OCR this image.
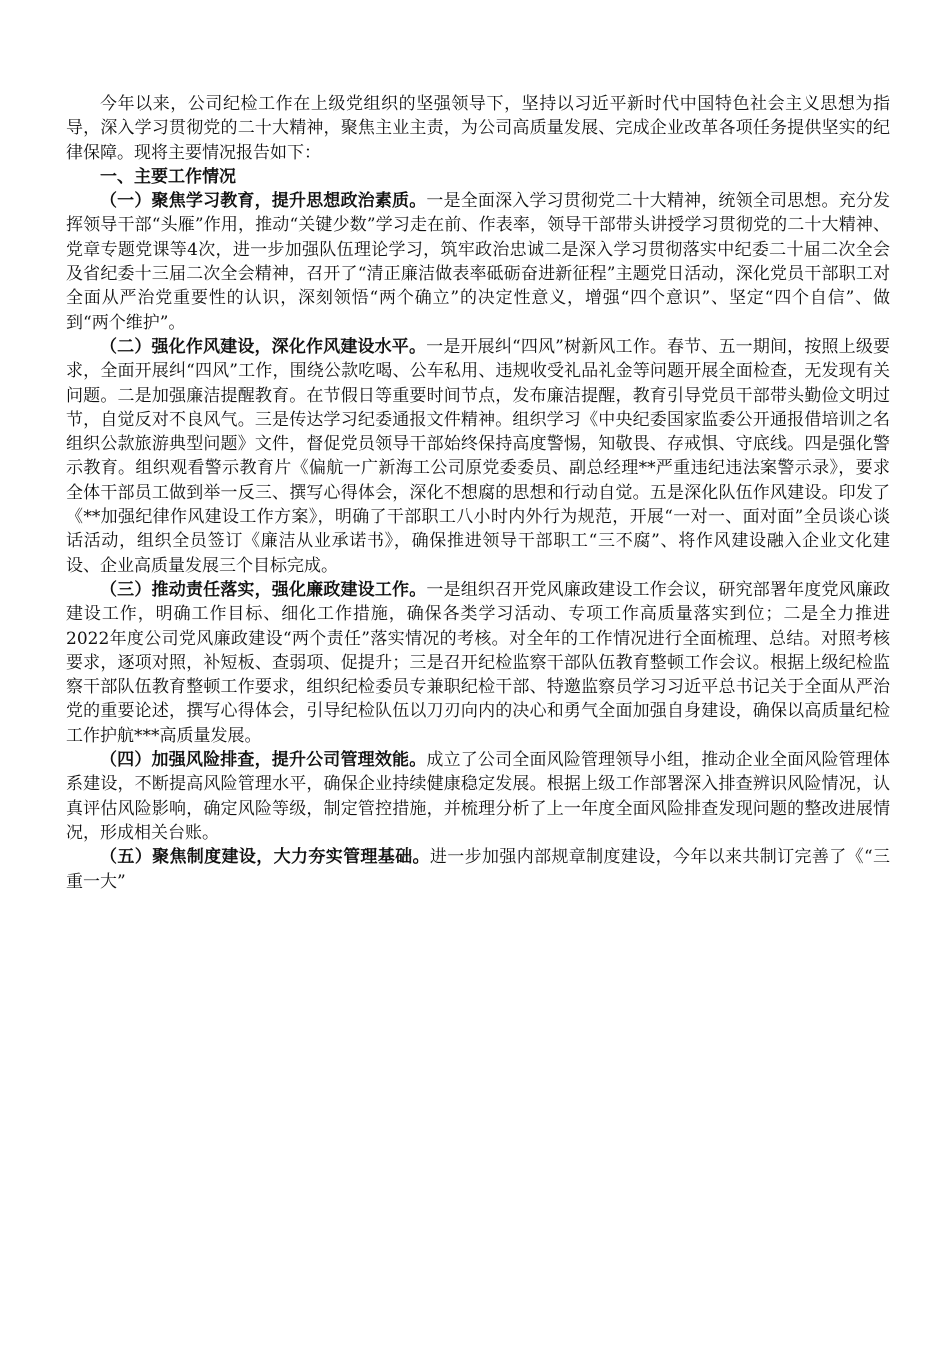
今年以来，公司纪检工作在上级党组织的坚强领导下，坚持以习近平新时代中国特色社会主义思想为指导，深入学习贯彻党的二十大精神，聚焦主业主责，为公司高质量发展、完成企业改革各项任务提供坚实的纪律保障。现将主要情况报告如下：

一、主要工作情况

（一）聚焦学习教育，提升思想政治素质。一是全面深入学习贯彻党二十大精神，统领全司思想。充分发挥领导干部“头雁”作用，推动“关键少数”学习走在前、作表率，领导干部带头讲授学习贯彻党的二十大精神、党章专题党课等4次，进一步加强队伍理论学习，筑牢政治忠诚二是深入学习贯彻落实中纪委二十届二次全会及省纪委十三届二次全会精神，召开了“清正廉洁做表率砥砺奋进新征程”主题党日活动，深化党员干部职工对全面从严治党重要性的认识，深刻领悟“两个确立”的决定性意义，增强“四个意识”、坚定“四个自信”、做到“两个维护”。

（二）强化作风建设，深化作风建设水平。一是开展纠“四风”树新风工作。春节、五一期间，按照上级要求，全面开展纠“四风”工作，围绕公款吃喝、公车私用、违规收受礼品礼金等问题开展全面检查，无发现有关问题。二是加强廉洁提醒教育。在节假日等重要时间节点，发布廉洁提醒，教育引导党员干部带头勤俭文明过节，自觉反对不良风气。三是传达学习纪委通报文件精神。组织学习《中央纪委国家监委公开通报借培训之名组织公款旅游典型问题》文件，督促党员领导干部始终保持高度警惕，知敬畏、存戒惧、守底线。四是强化警示教育。组织观看警示教育片《偏航一广新海工公司原党委委员、副总经理**严重违纪违法案警示录》，要求全体干部员工做到举一反三、撰写心得体会，深化不想腐的思想和行动自觉。五是深化队伍作风建设。印发了《**加强纪律作风建设工作方案》，明确了干部职工八小时内外行为规范，开展“一对一、面对面”全员谈心谈话活动，组织全员签订《廉洁从业承诺书》，确保推进领导干部职工“三不腐”、将作风建设融入企业文化建设、企业高质量发展三个目标完成。

（三）推动责任落实，强化廉政建设工作。一是组织召开党风廉政建设工作会议，研究部署年度党风廉政建设工作，明确工作目标、细化工作措施，确保各类学习活动、专项工作高质量落实到位；二是全力推进2022年度公司党风廉政建设“两个责任”落实情况的考核。对全年的工作情况进行全面梳理、总结。对照考核要求，逐项对照，补短板、查弱项、促提升；三是召开纪检监察干部队伍教育整顿工作会议。根据上级纪检监察干部队伍教育整顿工作要求，组织纪检委员专兼职纪检干部、特邀监察员学习习近平总书记关于全面从严治党的重要论述，撰写心得体会，引导纪检队伍以刀刃向内的决心和勇气全面加强自身建设，确保以高质量纪检工作护航***高质量发展。

（四）加强风险排查，提升公司管理效能。成立了公司全面风险管理领导小组，推动企业全面风险管理体系建设，不断提高风险管理水平，确保企业持续健康稳定发展。根据上级工作部署深入排查辨识风险情况，认真评估风险影响，确定风险等级，制定管控措施，并梳理分析了上一年度全面风险排查发现问题的整改进展情况，形成相关台账。

（五）聚焦制度建设，大力夯实管理基础。进一步加强内部规章制度建设，今年以来共制订完善了《“三重一大”
